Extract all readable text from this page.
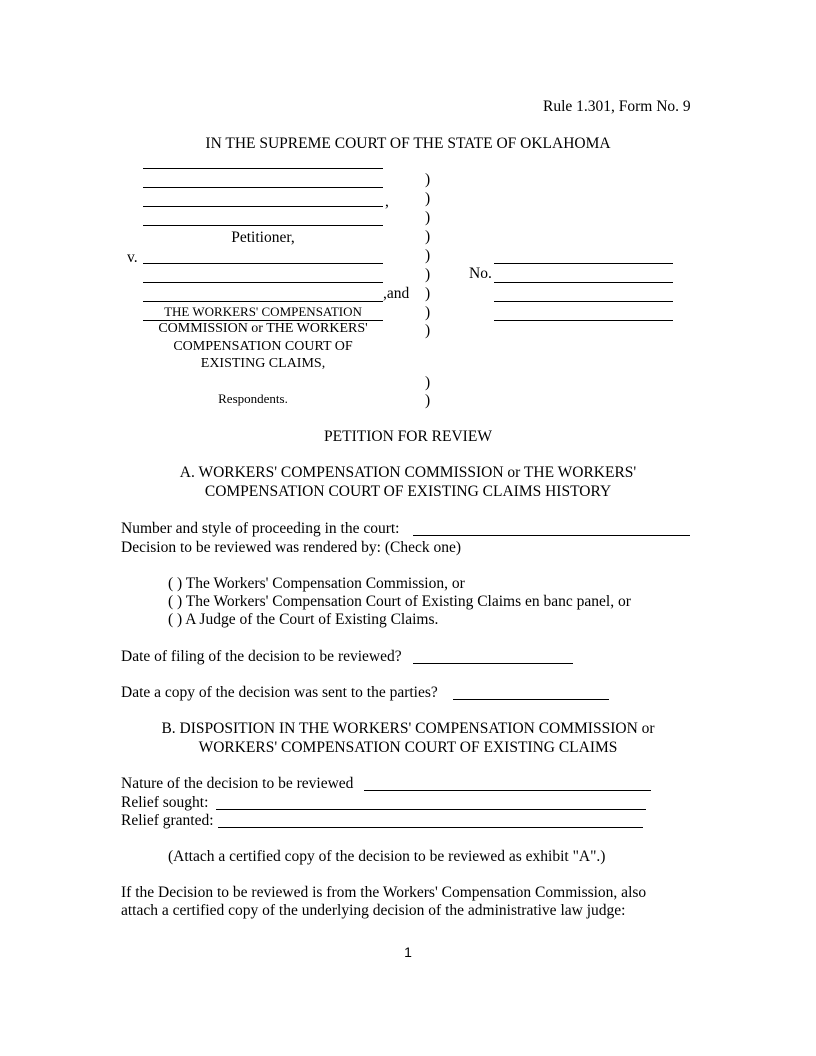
Rule 1.301, Form No. 9
IN THE SUPREME COURT OF THE STATE OF OKLAHOMA
,
Petitioner,
v.
,and
THE WORKERS' COMPENSATION
COMMISSION or THE WORKERS'
COMPENSATION COURT OF
EXISTING CLAIMS,
Respondents.
)
)
)
)
)
)
)
)
)
)
)
No.
PETITION FOR REVIEW
A. WORKERS' COMPENSATION COMMISSION or THE WORKERS'
COMPENSATION COURT OF EXISTING CLAIMS HISTORY
Number and style of proceeding in the court:
Decision to be reviewed was rendered by: (Check one)
( ) The Workers' Compensation Commission, or
( ) The Workers' Compensation Court of Existing Claims en banc panel, or
( ) A Judge of the Court of Existing Claims.
Date of filing of the decision to be reviewed?
Date a copy of the decision was sent to the parties?
B. DISPOSITION IN THE WORKERS' COMPENSATION COMMISSION or
WORKERS' COMPENSATION COURT OF EXISTING CLAIMS
Nature of the decision to be reviewed
Relief sought:
Relief granted:
(Attach a certified copy of the decision to be reviewed as exhibit "A".)
If the Decision to be reviewed is from the Workers' Compensation Commission, also
attach a certified copy of the underlying decision of the administrative law judge:
1
